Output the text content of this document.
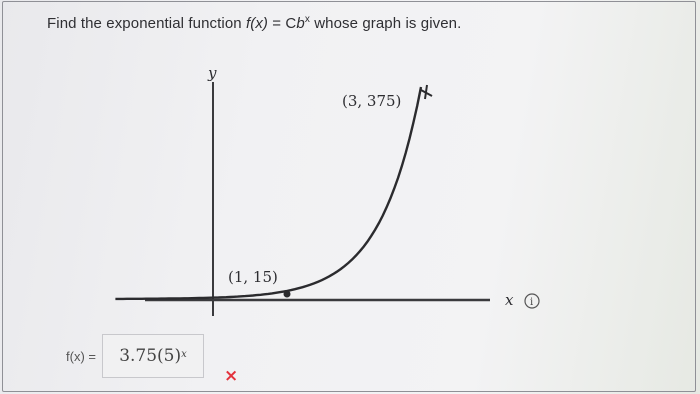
Find the exponential function $f(x) = Cb^x$ whose graph is given.
y
x
(1, 15)
(3, 375)
i
f(x) = 3.75 $(5)^x$
×
